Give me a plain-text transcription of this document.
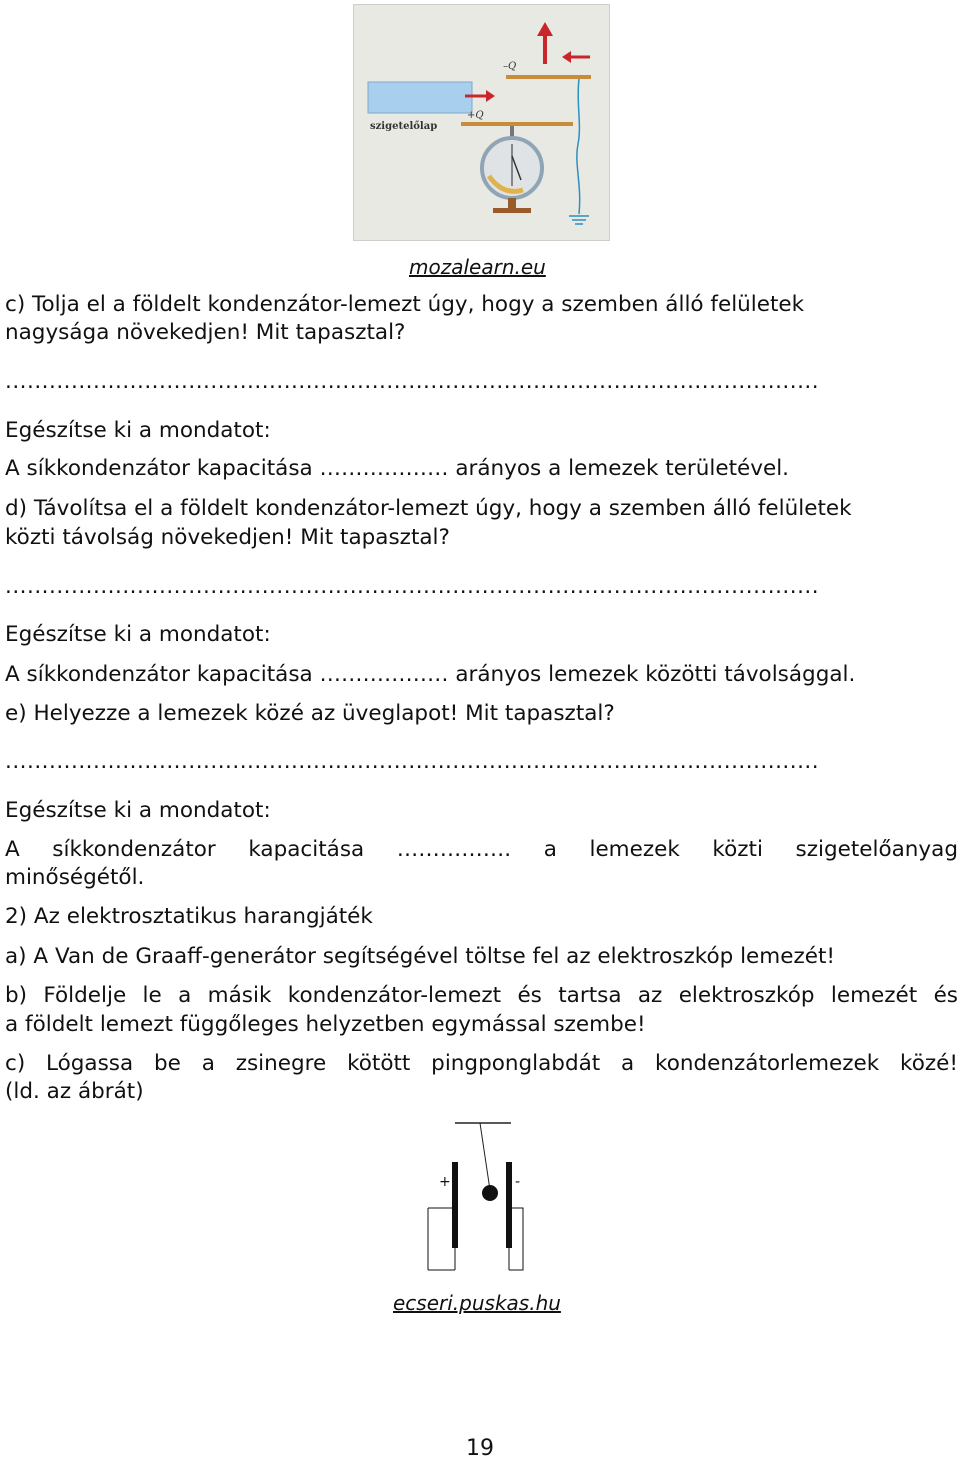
szigetelőlap
+Q
–Q
mozalearn.eu
c) Tolja el a földelt kondenzátor-lemezt úgy, hogy a szemben álló felületek
nagysága növekedjen! Mit tapasztal?
...............................................................................................................
Egészítse ki a mondatot:
A síkkondenzátor kapacitása ……………… arányos a lemezek területével.
d) Távolítsa el a földelt kondenzátor-lemezt úgy, hogy a szemben álló felületek
közti távolság növekedjen! Mit tapasztal?
...............................................................................................................
Egészítse ki a mondatot:
A síkkondenzátor kapacitása ……………… arányos lemezek közötti távolsággal.
e) Helyezze a lemezek közé az üveglapot! Mit tapasztal?
...............................................................................................................
Egészítse ki a mondatot:
A síkkondenzátor kapacitása ……………. a lemezek közti szigetelőanyag
minőségétől.
2) Az elektrosztatikus harangjáték
a) A Van de Graaff-generátor segítségével töltse fel az elektroszkóp lemezét!
b) Földelje le a másik kondenzátor-lemezt és tartsa az elektroszkóp lemezét és
a földelt lemezt függőleges helyzetben egymással szembe!
c) Lógassa be a zsinegre kötött pingponglabdát a kondenzátorlemezek közé!
(ld. az ábrát)
+	-
ecseri.puskas.hu
19
